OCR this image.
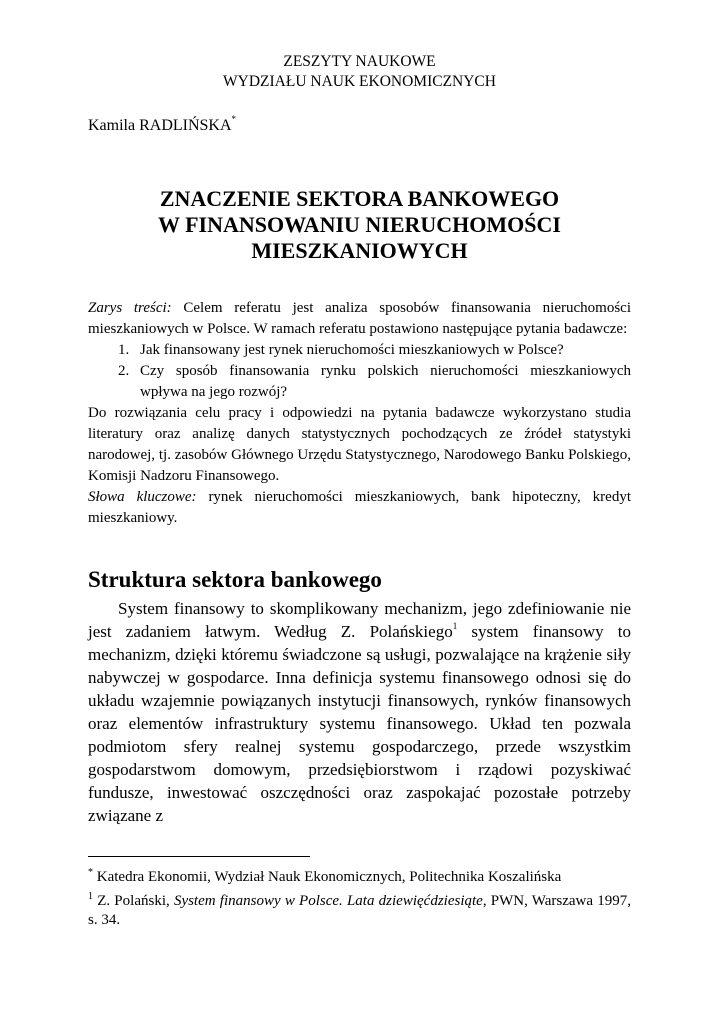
ZESZYTY NAUKOWE
WYDZIAŁU NAUK EKONOMICZNYCH
Kamila RADLIŃSKA*
ZNACZENIE SEKTORA BANKOWEGO
W FINANSOWANIU NIERUCHOMOŚCI
MIESZKANIOWYCH

Zarys treści: Celem referatu jest analiza sposobów finansowania nieruchomości mieszkaniowych w Polsce. W ramach referatu postawiono następujące pytania badawcze:

1. Jak finansowany jest rynek nieruchomości mieszkaniowych w Polsce?
2. Czy sposób finansowania rynku polskich nieruchomości mieszkaniowych wpływa na jego rozwój?

Do rozwiązania celu pracy i odpowiedzi na pytania badawcze wykorzystano studia literatury oraz analizę danych statystycznych pochodzących ze źródeł statystyki narodowej, tj. zasobów Głównego Urzędu Statystycznego, Narodowego Banku Polskiego, Komisji Nadzoru Finansowego.

Słowa kluczowe: rynek nieruchomości mieszkaniowych, bank hipoteczny, kredyt mieszkaniowy.

Struktura sektora bankowego

System finansowy to skomplikowany mechanizm, jego zdefiniowanie nie jest zadaniem łatwym. Według Z. Polańskiego$^1$ system finansowy to mechanizm, dzięki któremu świadczone są usługi, pozwalające na krążenie siły nabywczej w gospodarce. Inna definicja systemu finansowego odnosi się do układu wzajemnie powiązanych instytucji finansowych, rynków finansowych oraz elementów infrastruktury systemu finansowego. Układ ten pozwala podmiotom sfery realnej systemu gospodarczego, przede wszystkim gospodarstwom domowym, przedsiębiorstwom i rządowi pozyskiwać fundusze, inwestować oszczędności oraz zaspokajać pozostałe potrzeby związane z

* Katedra Ekonomii, Wydział Nauk Ekonomicznych, Politechnika Koszalińska

$^1$ Z. Polański, System finansowy w Polsce. Lata dziewięćdziesiąte, PWN, Warszawa 1997, s. 34.
